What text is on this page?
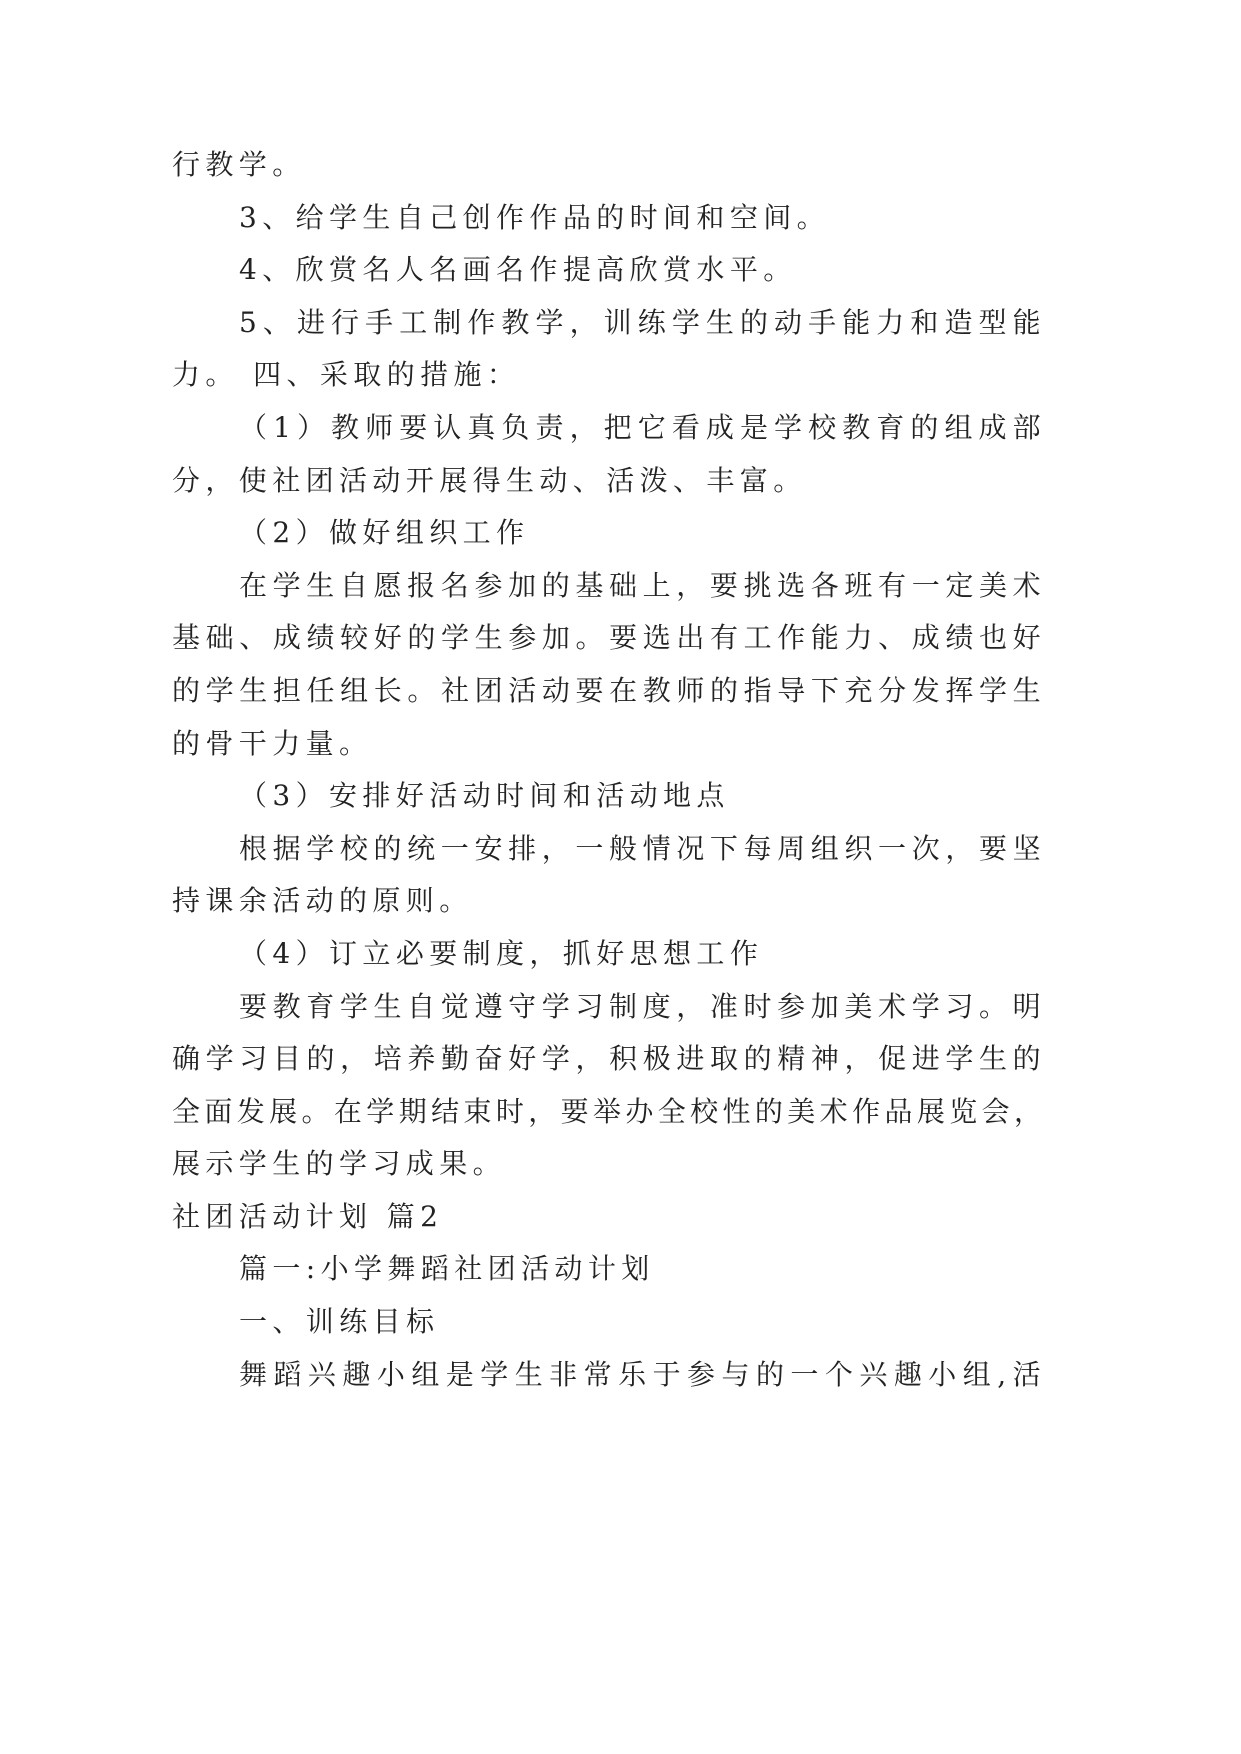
行教学。
3、给学生自己创作作品的时间和空间。
4、欣赏名人名画名作提高欣赏水平。
5、进行手工制作教学，训练学生的动手能力和造型能
力。 四、采取的措施：
（1）教师要认真负责，把它看成是学校教育的组成部
分，使社团活动开展得生动、活泼、丰富。
（2）做好组织工作
在学生自愿报名参加的基础上，要挑选各班有一定美术
基础、成绩较好的学生参加。要选出有工作能力、成绩也好
的学生担任组长。社团活动要在教师的指导下充分发挥学生
的骨干力量。
（3）安排好活动时间和活动地点
根据学校的统一安排，一般情况下每周组织一次，要坚
持课余活动的原则。
（4）订立必要制度，抓好思想工作
要教育学生自觉遵守学习制度，准时参加美术学习。明
确学习目的，培养勤奋好学，积极进取的精神，促进学生的
全面发展。在学期结束时，要举办全校性的美术作品展览会，
展示学生的学习成果。
社团活动计划 篇2
篇一:小学舞蹈社团活动计划
一、训练目标
舞蹈兴趣小组是学生非常乐于参与的一个兴趣小组,活
